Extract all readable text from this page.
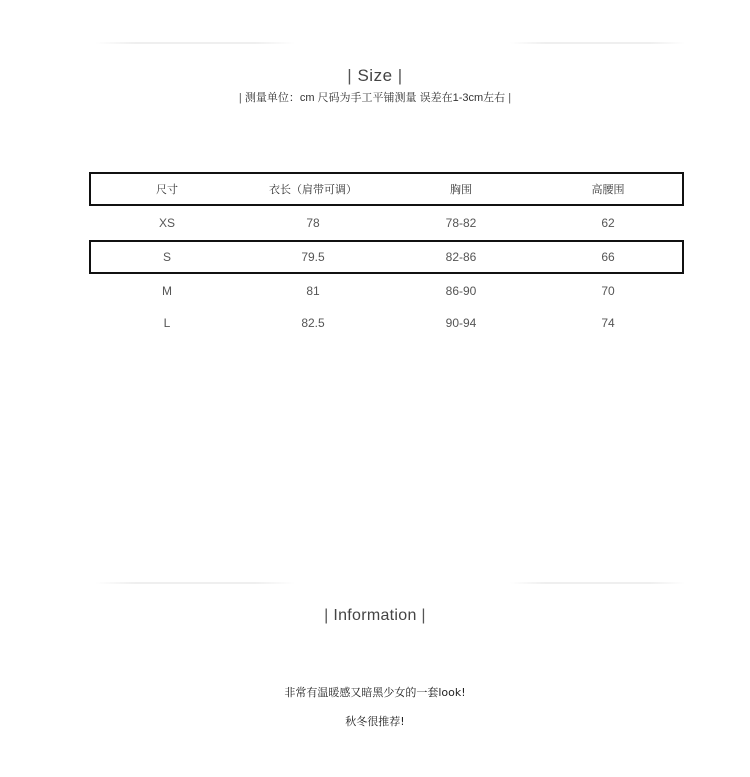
| Size |
| 测量单位：cm 尺码为手工平铺测量 误差在1-3cm左右 |
尺寸	衣长（肩带可调）	胸围	高腰围
XS	78	78-82	62
S	79.5	82-86	66
M	81	86-90	70
L	82.5	90-94	74
| Information |
非常有温暖感又暗黑少女的一套look!
秋冬很推荐!
